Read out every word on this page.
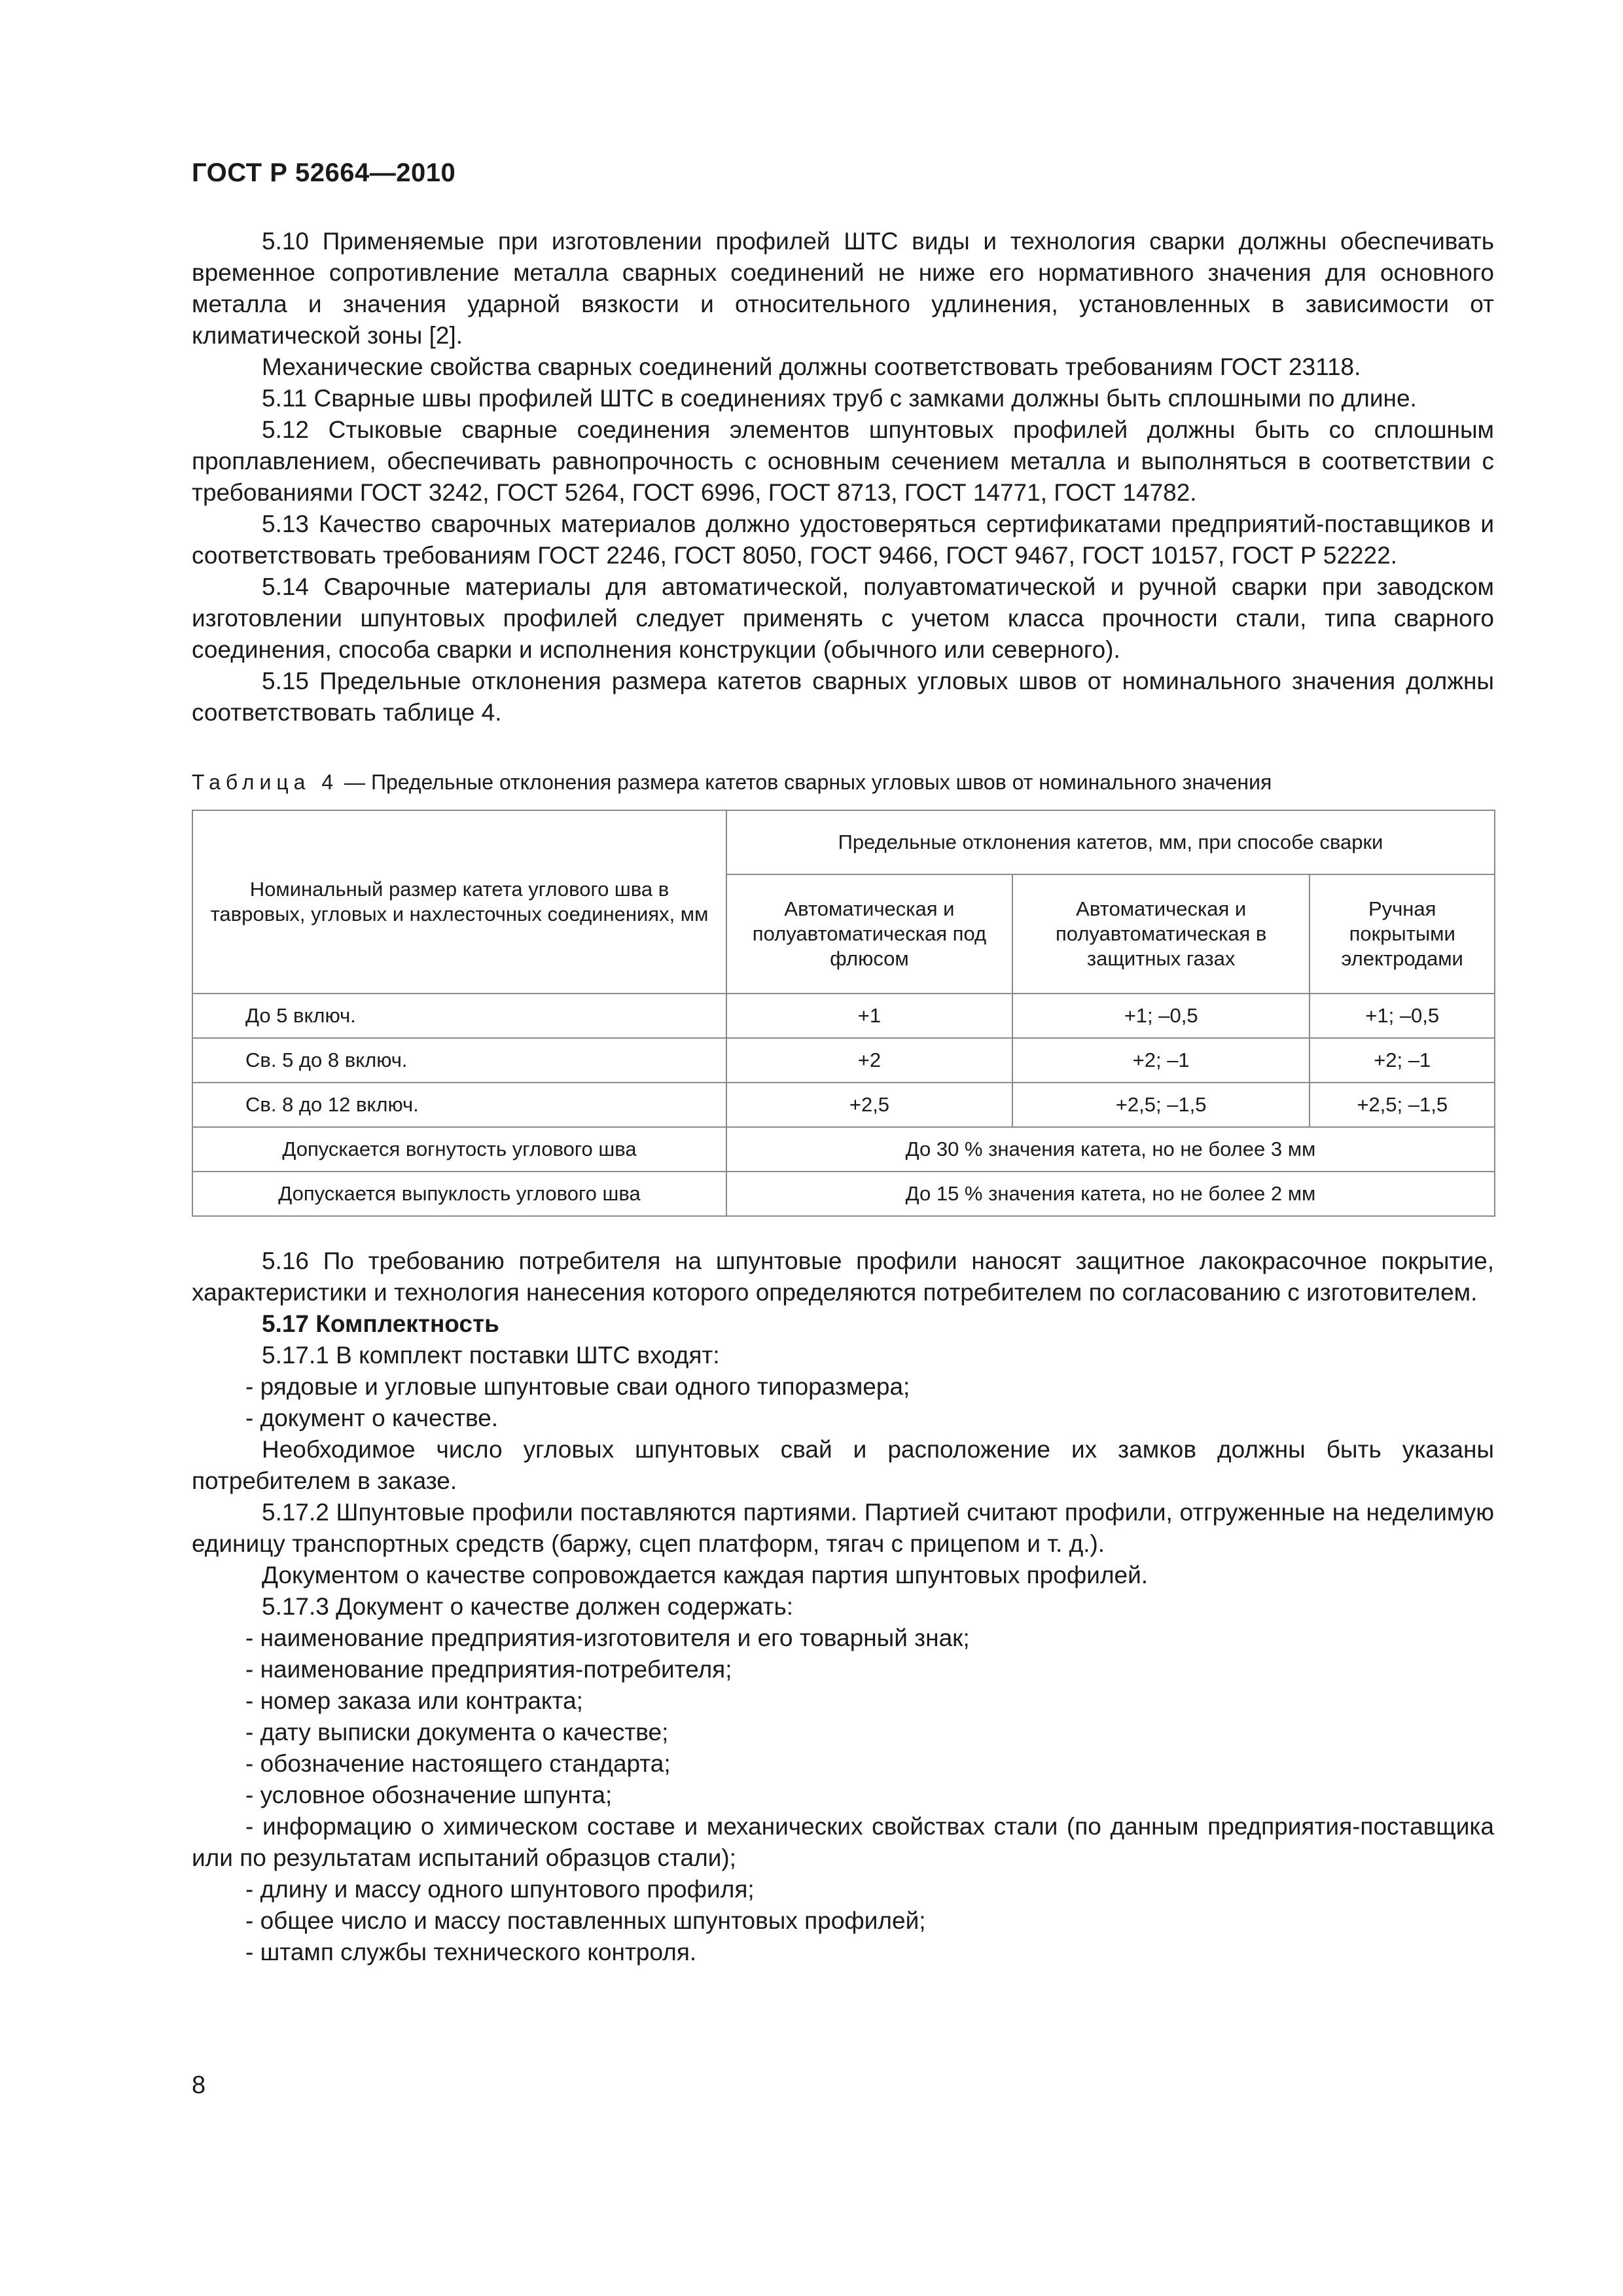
ГОСТ Р 52664—2010

5.10 Применяемые при изготовлении профилей ШТС виды и технология сварки должны обеспечивать временное сопротивление металла сварных соединений не ниже его нормативного значения для основного металла и значения ударной вязкости и относительного удлинения, установленных в зависимости от климатической зоны [2].

Механические свойства сварных соединений должны соответствовать требованиям ГОСТ 23118.

5.11 Сварные швы профилей ШТС в соединениях труб с замками должны быть сплошными по длине.

5.12 Стыковые сварные соединения элементов шпунтовых профилей должны быть со сплошным проплавлением, обеспечивать равнопрочность с основным сечением металла и выполняться в соответствии с требованиями ГОСТ 3242, ГОСТ 5264, ГОСТ 6996, ГОСТ 8713, ГОСТ 14771, ГОСТ 14782.

5.13 Качество сварочных материалов должно удостоверяться сертификатами предприятий-поставщиков и соответствовать требованиям ГОСТ 2246, ГОСТ 8050, ГОСТ 9466, ГОСТ 9467, ГОСТ 10157, ГОСТ Р 52222.

5.14 Сварочные материалы для автоматической, полуавтоматической и ручной сварки при заводском изготовлении шпунтовых профилей следует применять с учетом класса прочности стали, типа сварного соединения, способа сварки и исполнения конструкции (обычного или северного).

5.15 Предельные отклонения размера катетов сварных угловых швов от номинального значения должны соответствовать таблице 4.

Таблица 4 — Предельные отклонения размера катетов сварных угловых швов от номинального значения
Номинальный размер катета углового шва в тавровых, угловых и нахлесточных соединениях, мм	Предельные отклонения катетов, мм, при способе сварки		
	Автоматическая и полуавтоматическая под флюсом	Автоматическая и полуавтоматическая в защитных газах	Ручная покрытыми электродами
До 5 включ.	+1	+1; –0,5	+1; –0,5
Св. 5 до 8 включ.	+2	+2; –1	+2; –1
Св. 8 до 12 включ.	+2,5	+2,5; –1,5	+2,5; –1,5
Допускается вогнутость углового шва	До 30 % значения катета, но не более 3 мм		
Допускается выпуклость углового шва	До 15 % значения катета, но не более 2 мм		

5.16 По требованию потребителя на шпунтовые профили наносят защитное лакокрасочное покрытие, характеристики и технология нанесения которого определяются потребителем по согласованию с изготовителем.

5.17 Комплектность

5.17.1 В комплект поставки ШТС входят:

- рядовые и угловые шпунтовые сваи одного типоразмера;

- документ о качестве.

Необходимое число угловых шпунтовых свай и расположение их замков должны быть указаны потребителем в заказе.

5.17.2 Шпунтовые профили поставляются партиями. Партией считают профили, отгруженные на неделимую единицу транспортных средств (баржу, сцеп платформ, тягач с прицепом и т. д.).

Документом о качестве сопровождается каждая партия шпунтовых профилей.

5.17.3 Документ о качестве должен содержать:

- наименование предприятия-изготовителя и его товарный знак;

- наименование предприятия-потребителя;

- номер заказа или контракта;

- дату выписки документа о качестве;

- обозначение настоящего стандарта;

- условное обозначение шпунта;

- информацию о химическом составе и механических свойствах стали (по данным предприятия-поставщика или по результатам испытаний образцов стали);

- длину и массу одного шпунтового профиля;

- общее число и массу поставленных шпунтовых профилей;

- штамп службы технического контроля.

8
